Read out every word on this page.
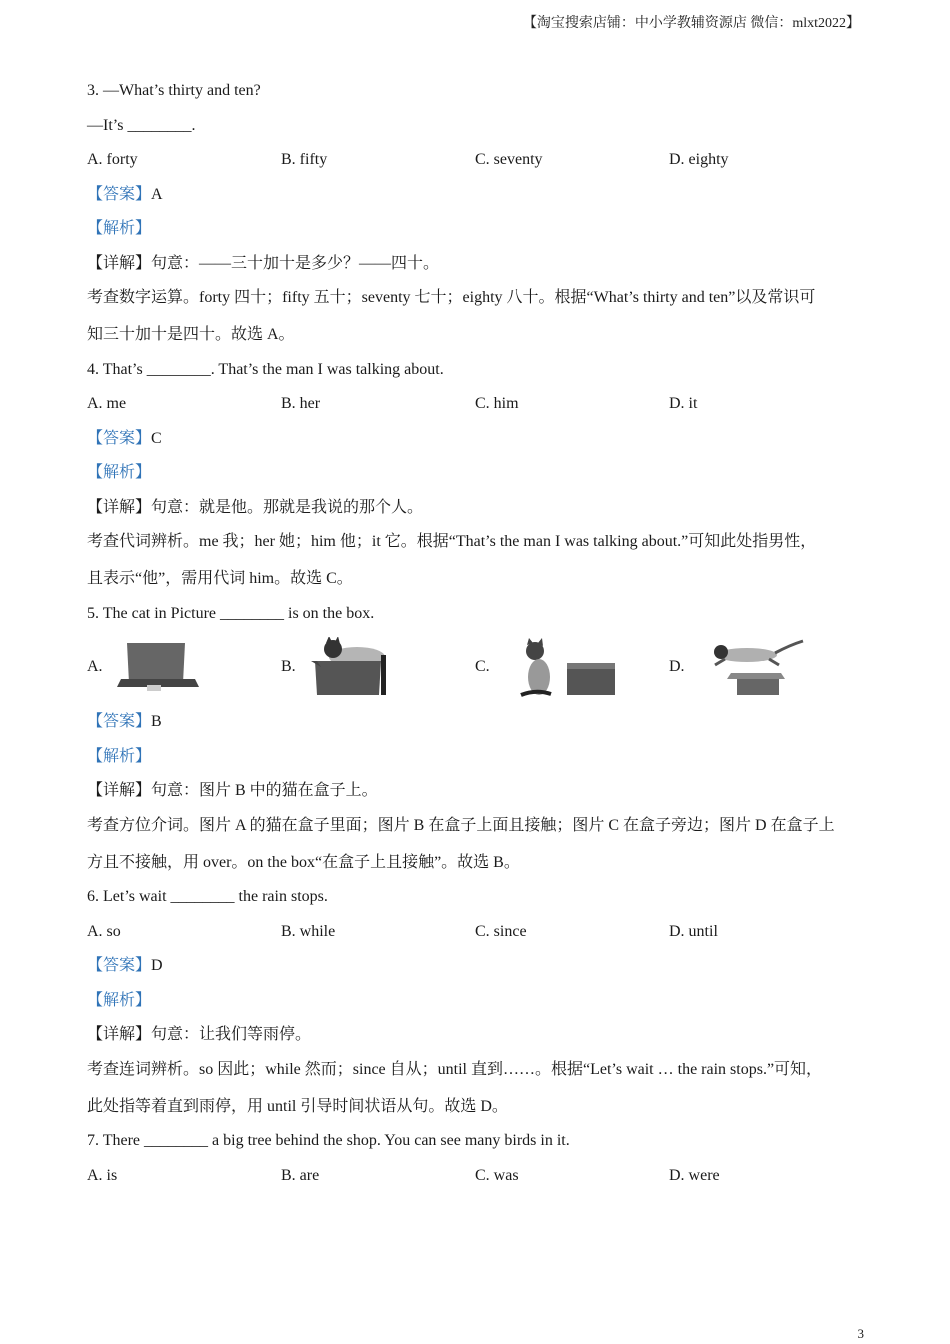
【淘宝搜索店铺：中小学教辅资源店 微信：mlxt2022】
3. —What’s thirty and ten?
—It’s ________.
A. forty	B. fifty	C. seventy	D. eighty
【答案】A
【解析】
【详解】句意：——三十加十是多少？——四十。
考查数字运算。forty 四十；fifty 五十；seventy 七十；eighty 八十。根据“What’s thirty and ten”以及常识可
知三十加十是四十。故选 A。
4. That’s ________. That’s the man I was talking about.
A. me	B. her	C. him	D. it
【答案】C
【解析】
【详解】句意：就是他。那就是我说的那个人。
考查代词辨析。me 我；her 她；him 他；it 它。根据“That’s the man I was talking about.”可知此处指男性，
且表示“他”，需用代词 him。故选 C。
5. The cat in Picture ________ is on the box.
A.	B.	C.	D.
【答案】B
【解析】
【详解】句意：图片 B 中的猫在盒子上。
考查方位介词。图片 A 的猫在盒子里面；图片 B 在盒子上面且接触；图片 C 在盒子旁边；图片 D 在盒子上
方且不接触，用 over。on the box“在盒子上且接触”。故选 B。
6. Let’s wait ________ the rain stops.
A. so	B. while	C. since	D. until
【答案】D
【解析】
【详解】句意：让我们等雨停。
考查连词辨析。so 因此；while 然而；since 自从；until 直到……。根据“Let’s wait … the rain stops.”可知，
此处指等着直到雨停，用 until 引导时间状语从句。故选 D。
7. There ________ a big tree behind the shop. You can see many birds in it.
A. is	B. are	C. was	D. were
3
